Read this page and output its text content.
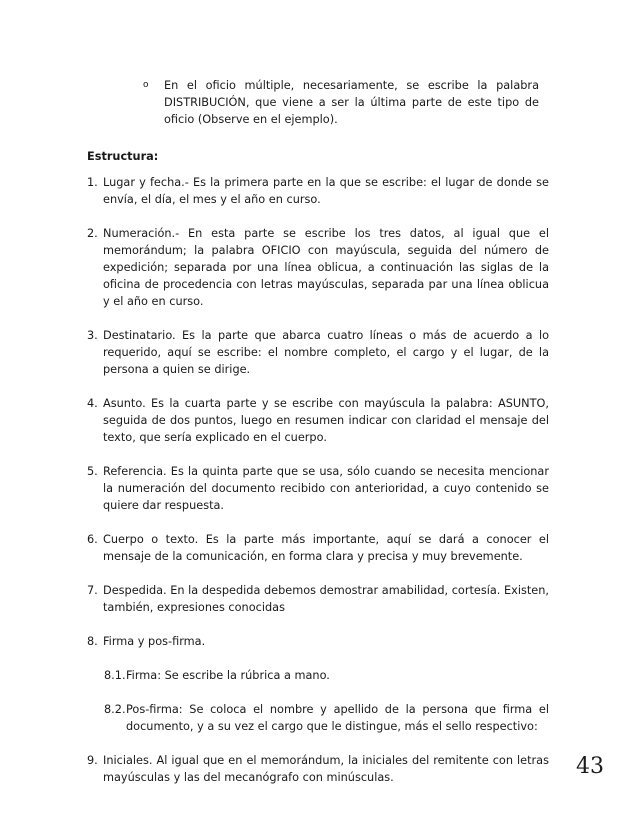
o En el oficio múltiple, necesariamente, se escribe la palabra DISTRIBUCIÓN, que viene a ser la última parte de este tipo de oficio (Observe en el ejemplo).
Estructura:
1. Lugar y fecha.- Es la primera parte en la que se escribe: el lugar de donde se envía, el día, el mes y el año en curso.
2. Numeración.- En esta parte se escribe los tres datos, al igual que el memorándum; la palabra OFICIO con mayúscula, seguida del número de expedición; separada por una línea oblicua, a continuación las siglas de la oficina de procedencia con letras mayúsculas, separada par una línea oblicua y el año en curso.
3. Destinatario. Es la parte que abarca cuatro líneas o más de acuerdo a lo requerido, aquí se escribe: el nombre completo, el cargo y el lugar, de la persona a quien se dirige.
4. Asunto. Es la cuarta parte y se escribe con mayúscula la palabra: ASUNTO, seguida de dos puntos, luego en resumen indicar con claridad el mensaje del texto, que sería explicado en el cuerpo.
5. Referencia. Es la quinta parte que se usa, sólo cuando se necesita mencionar la numeración del documento recibido con anterioridad, a cuyo contenido se quiere dar respuesta.
6. Cuerpo o texto. Es la parte más importante, aquí se dará a conocer el mensaje de la comunicación, en forma clara y precisa y muy brevemente.
7. Despedida. En la despedida debemos demostrar amabilidad, cortesía. Existen, también, expresiones conocidas
8. Firma y pos-firma.
8.1. Firma: Se escribe la rúbrica a mano.
8.2. Pos-firma: Se coloca el nombre y apellido de la persona que firma el documento, y a su vez el cargo que le distingue, más el sello respectivo:
9. Iniciales. Al igual que en el memorándum, la iniciales del remitente con letras mayúsculas y las del mecanógrafo con minúsculas.	43
